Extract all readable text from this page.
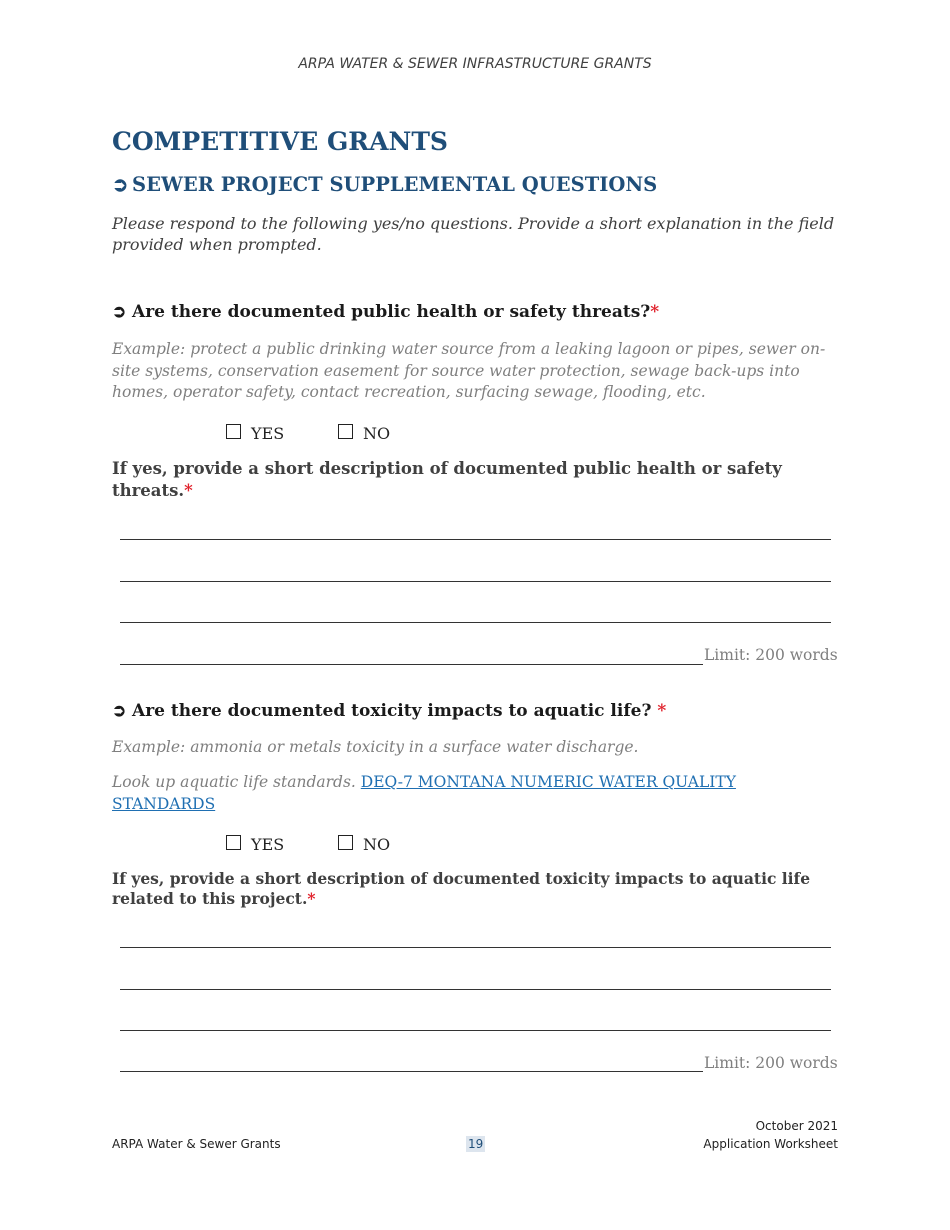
ARPA WATER & SEWER INFRASTRUCTURE GRANTS
COMPETITIVE GRANTS
➲ SEWER PROJECT SUPPLEMENTAL QUESTIONS

Please respond to the following yes/no questions. Provide a short explanation in the field provided when prompted.

➲ Are there documented public health or safety threats?*

Example: protect a public drinking water source from a leaking lagoon or pipes, sewer on-site systems, conservation easement for source water protection, sewage back-ups into homes, operator safety, contact recreation, surfacing sewage, flooding, etc.

YES	NO

If yes, provide a short description of documented public health or safety threats.*

Limit: 200 words
➲ Are there documented toxicity impacts to aquatic life? *

Example: ammonia or metals toxicity in a surface water discharge.

Look up aquatic life standards. DEQ-7 MONTANA NUMERIC WATER QUALITY STANDARDS

YES	NO

If yes, provide a short description of documented toxicity impacts to aquatic life related to this project.*

Limit: 200 words
ARPA Water & Sewer Grants	19
October 2021
Application Worksheet
